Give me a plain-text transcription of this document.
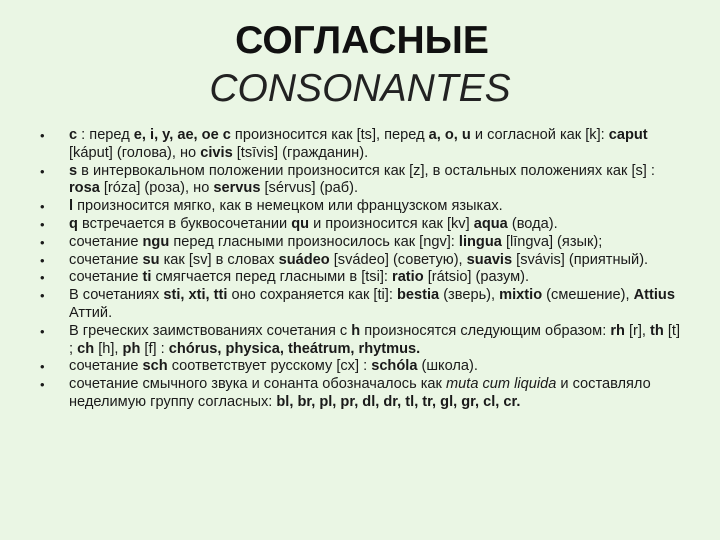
СОГЛАСНЫЕ
CONSONANTES
•	c : перед e, i, y, ae, oe c произносится как [ts], перед a, o, u и согласной как [k]: caput [káput] (голова), но civis [tsīvis] (гражданин).
•	s в интервокальном положении произносится как [z], в остальных положениях как [s] : rosa [róza] (роза), но servus [sérvus] (раб).
•	l произносится мягко, как в немецком или французском языках.
•	q встречается в буквосочетании qu и произносится как [kv] aqua (вода).
•	сочетание ngu перед гласными произносилось как [ngv]: lingua [līngva] (язык);
•	сочетание su как [sv] в словах suádeo [svádeo] (советую), suavis [svávis] (приятный).
•	сочетание ti смягчается перед гласными в [tsi]: ratio [rátsio] (разум).
•	В сочетаниях sti, xti, tti оно сохраняется как [ti]: bestia (зверь), mixtio (смешение), Attius Аттий.
•	В греческих заимствованиях сочетания с h произносятся следующим образом: rh [r], th [t] ; ch [h], ph [f] : chórus, physica, theátrum, rhytmus.
•	сочетание sch соответствует русскому [сх] : schóla (школа).
•	сочетание смычного звука и сонанта обозначалось как muta cum liquida и составляло неделимую группу согласных: bl, br, pl, pr, dl, dr, tl, tr, gl, gr, cl, cr.
